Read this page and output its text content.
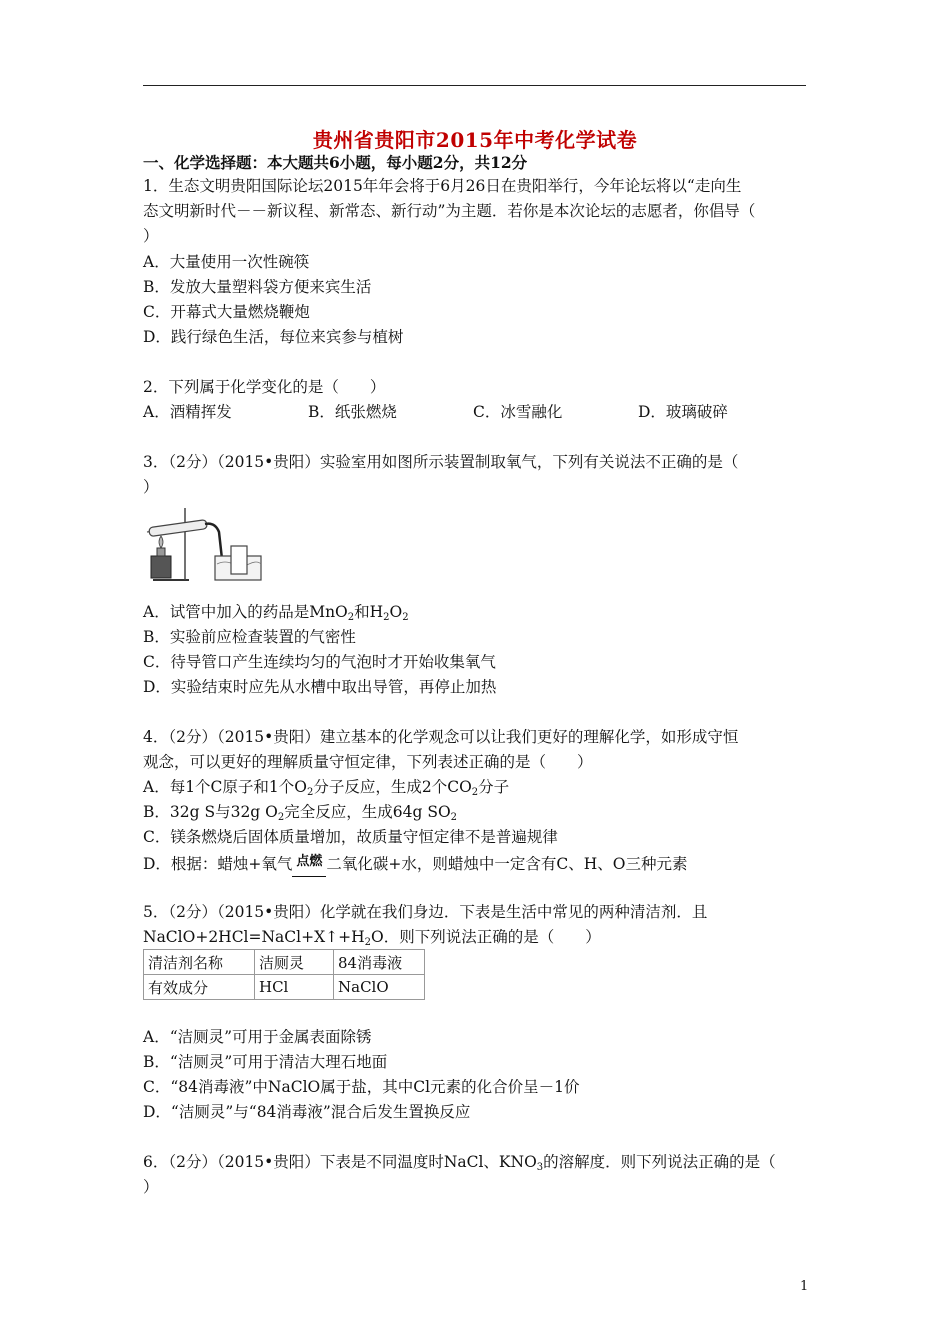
贵州省贵阳市2015年中考化学试卷
一、化学选择题：本大题共6小题，每小题2分，共12分
1．生态文明贵阳国际论坛2015年年会将于6月26日在贵阳举行，今年论坛将以“走向生
态文明新时代－－新议程、新常态、新行动”为主题．若你是本次论坛的志愿者，你倡导（
）
A．大量使用一次性碗筷
B．发放大量塑料袋方便来宾生活
C．开幕式大量燃烧鞭炮
D．践行绿色生活，每位来宾参与植树
2．下列属于化学变化的是（　　）
A．酒精挥发	B．纸张燃烧	C．冰雪融化	D．玻璃破碎
3．（2分）（2015•贵阳）实验室用如图所示装置制取氧气，下列有关说法不正确的是（
）
A．试管中加入的药品是MnO$_2$和$H_2O_2$
B．实验前应检查装置的气密性
C．待导管口产生连续均匀的气泡时才开始收集氧气
D．实验结束时应先从水槽中取出导管，再停止加热
4．（2分）（2015•贵阳）建立基本的化学观念可以让我们更好的理解化学，如形成守恒
观念，可以更好的理解质量守恒定律，下列表述正确的是（　　）
A．每1个C原子和1个$O_2$分子反应，生成2个$CO_2$分子
B．32g S与32g $O_2$完全反应，生成64g $SO_2$
C．镁条燃烧后固体质量增加，故质量守恒定律不是普遍规律
D．根据：蜡烛+氧气 点燃 二氧化碳+水，则蜡烛中一定含有C、H、O三种元素
5．（2分）（2015•贵阳）化学就在我们身边．下表是生活中常见的两种清洁剂．且
$NaClO+2HCl=NaCl+X↑+H_2O$．则下列说法正确的是（　　）
清洁剂名称	洁厕灵	84消毒液
有效成分	HCl	NaClO
A．“洁厕灵”可用于金属表面除锈
B．“洁厕灵”可用于清洁大理石地面
C．“84消毒液”中NaClO属于盐，其中Cl元素的化合价呈－1价
D．“洁厕灵”与“84消毒液”混合后发生置换反应
6．（2分）（2015•贵阳）下表是不同温度时NaCl、$KNO_3$的溶解度．则下列说法正确的是（
）
1
